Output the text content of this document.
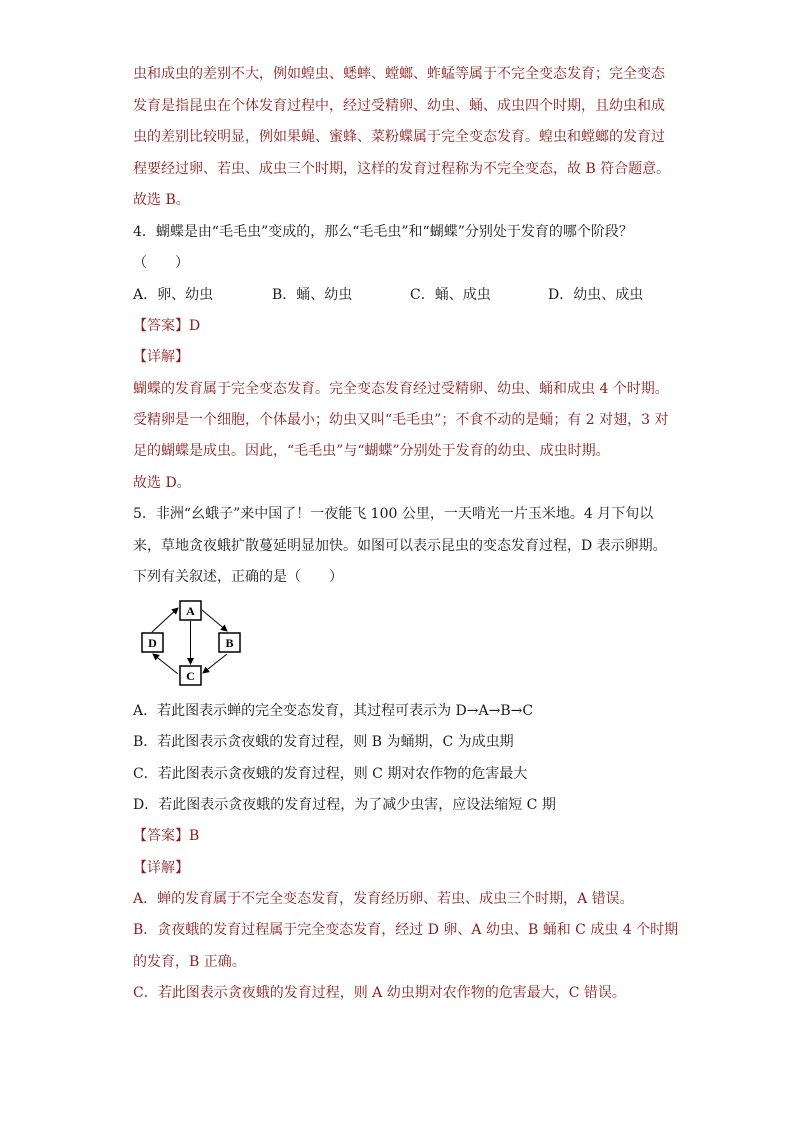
虫和成虫的差别不大，例如蝗虫、蟋蟀、螳螂、蚱蜢等属于不完全变态发育；完全变态
发育是指昆虫在个体发育过程中，经过受精卵、幼虫、蛹、成虫四个时期，且幼虫和成
虫的差别比较明显，例如果蝇、蜜蜂、菜粉蝶属于完全变态发育。蝗虫和螳螂的发育过
程要经过卵、若虫、成虫三个时期，这样的发育过程称为不完全变态，故 B 符合题意。
故选 B。
4．蝴蝶是由“毛毛虫”变成的，那么“毛毛虫”和“蝴蝶”分别处于发育的哪个阶段？
（　　）
A．卵、幼虫	B．蛹、幼虫	C．蛹、成虫	D．幼虫、成虫
【答案】D
【详解】
蝴蝶的发育属于完全变态发育。完全变态发育经过受精卵、幼虫、蛹和成虫 4 个时期。
受精卵是一个细胞，个体最小；幼虫又叫“毛毛虫”；不食不动的是蛹；有 2 对翅，3 对
足的蝴蝶是成虫。因此，“毛毛虫”与“蝴蝶”分别处于发育的幼虫、成虫时期。
故选 D。
5．非洲“幺蛾子”来中国了！一夜能飞 100 公里，一天啃光一片玉米地。4 月下旬以
来，草地贪夜蛾扩散蔓延明显加快。如图可以表示昆虫的变态发育过程，D 表示卵期。
下列有关叙述，正确的是（　　）
A
B
C
D
A．若此图表示蝉的完全变态发育，其过程可表示为 D→A→B→C
B．若此图表示贪夜蛾的发育过程，则 B 为蛹期，C 为成虫期
C．若此图表示贪夜蛾的发育过程，则 C 期对农作物的危害最大
D．若此图表示贪夜蛾的发育过程，为了减少虫害，应设法缩短 C 期
【答案】B
【详解】
A．蝉的发育属于不完全变态发育，发育经历卵、若虫、成虫三个时期，A 错误。
B．贪夜蛾的发育过程属于完全变态发育，经过 D 卵、A 幼虫、B 蛹和 C 成虫 4 个时期
的发育，B 正确。
C．若此图表示贪夜蛾的发育过程，则 A 幼虫期对农作物的危害最大，C 错误。
